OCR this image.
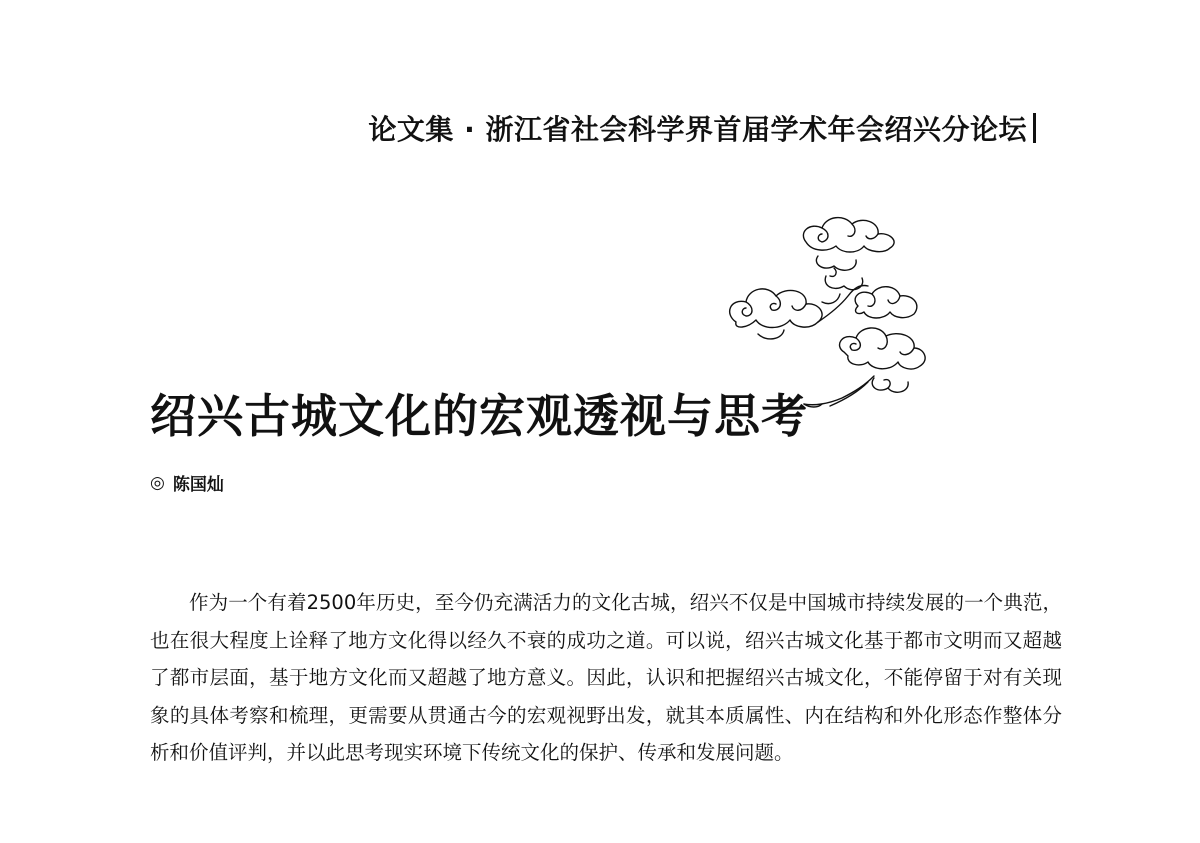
论文集 · 浙江省社会科学界首届学术年会绍兴分论坛
绍兴古城文化的宏观透视与思考
◎ 陈国灿

作为一个有着2500年历史，至今仍充满活力的文化古城，绍兴不仅是中国城市持续发展的一个典范，也在很大程度上诠释了地方文化得以经久不衰的成功之道。可以说，绍兴古城文化基于都市文明而又超越了都市层面，基于地方文化而又超越了地方意义。因此，认识和把握绍兴古城文化，不能停留于对有关现象的具体考察和梳理，更需要从贯通古今的宏观视野出发，就其本质属性、内在结构和外化形态作整体分析和价值评判，并以此思考现实环境下传统文化的保护、传承和发展问题。
